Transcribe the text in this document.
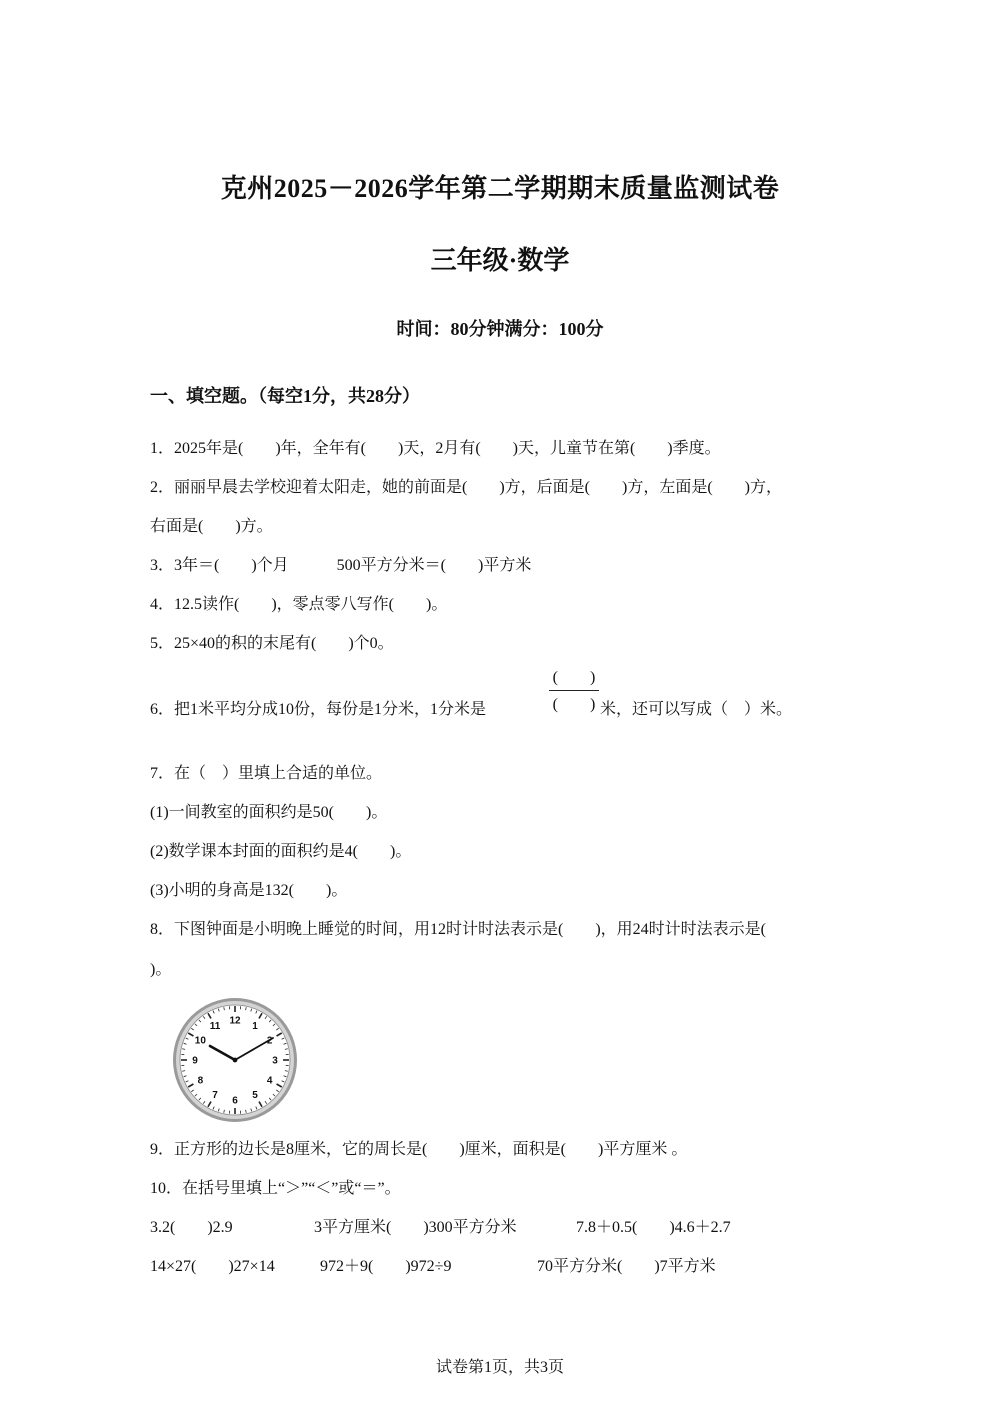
克州2025－2026学年第二学期期末质量监测试卷
三年级·数学
时间：80分钟满分：100分
一、填空题。（每空1分，共28分）
1．2025年是(　　)年，全年有(　　)天，2月有(　　)天，儿童节在第(　　)季度。
2．丽丽早晨去学校迎着太阳走，她的前面是(　　)方，后面是(　　)方，左面是(　　)方，
右面是(　　)方。
3．3年＝(　　)个月　　　500平方分米＝(　　)平方米
4．12.5读作(　　)，零点零八写作(　　)。
5．25×40的积的末尾有(　　)个0。
6．把1米平均分成10份，每份是1分米，1分米是
(　　)
(　　) 米，还可以写成（　）米。
7．在（　）里填上合适的单位。
(1)一间教室的面积约是50(　　)。
(2)数学课本封面的面积约是4(　　)。
(3)小明的身高是132(　　)。
8．下图钟面是小明晚上睡觉的时间，用12时计时法表示是(　　)，用24时计时法表示是(
)。
12 1
2
3
4
5
6
7
8
9
10
11
9．正方形的边长是8厘米，它的周长是(　　)厘米，面积是(　　)平方厘米 。
10．在括号里填上“＞”“＜”或“＝”。
3.2(　　)2.9	3平方厘米(　　)300平方分米	7.8＋0.5(　　)4.6＋2.7
14×27(　　)27×14	972＋9(　　)972÷9	70平方分米(　　)7平方米
试卷第1页，共3页
